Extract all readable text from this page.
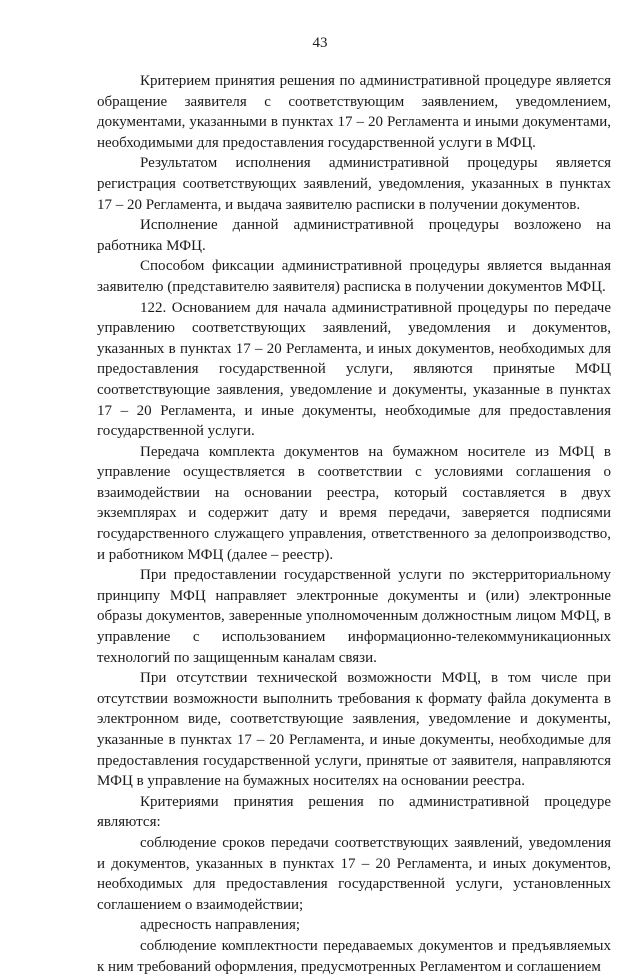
43

Критерием принятия решения по административной процедуре является обращение заявителя с соответствующим заявлением, уведомлением, документами, указанными в пунктах 17 – 20 Регламента и иными документами, необходимыми для предоставления государственной услуги в МФЦ.

Результатом исполнения административной процедуры является регистрация соответствующих заявлений, уведомления, указанных в пунктах 17 – 20 Регламента, и выдача заявителю расписки в получении документов.

Исполнение данной административной процедуры возложено на работника МФЦ.

Способом фиксации административной процедуры является выданная заявителю (представителю заявителя) расписка в получении документов МФЦ.

122. Основанием для начала административной процедуры по передаче управлению соответствующих заявлений, уведомления и документов, указанных в пунктах 17 – 20 Регламента, и иных документов, необходимых для предоставления государственной услуги, являются принятые МФЦ соответствующие заявления, уведомление и документы, указанные в пунктах 17 – 20 Регламента, и иные документы, необходимые для предоставления государственной услуги.

Передача комплекта документов на бумажном носителе из МФЦ в управление осуществляется в соответствии с условиями соглашения о взаимодействии на основании реестра, который составляется в двух экземплярах и содержит дату и время передачи, заверяется подписями государственного служащего управления, ответственного за делопроизводство, и работником МФЦ (далее – реестр).

При предоставлении государственной услуги по экстерриториальному принципу МФЦ направляет электронные документы и (или) электронные образы документов, заверенные уполномоченным должностным лицом МФЦ, в управление с использованием информационно-телекоммуникационных технологий по защищенным каналам связи.

При отсутствии технической возможности МФЦ, в том числе при отсутствии возможности выполнить требования к формату файла документа в электронном виде, соответствующие заявления, уведомление и документы, указанные в пунктах 17 – 20 Регламента, и иные документы, необходимые для предоставления государственной услуги, принятые от заявителя, направляются МФЦ в управление на бумажных носителях на основании реестра.

Критериями принятия решения по административной процедуре являются:

соблюдение сроков передачи соответствующих заявлений, уведомления и документов, указанных в пунктах 17 – 20 Регламента, и иных документов, необходимых для предоставления государственной услуги, установленных соглашением о взаимодействии;

адресность направления;

соблюдение комплектности передаваемых документов и предъявляемых к ним требований оформления, предусмотренных Регламентом и соглашением
